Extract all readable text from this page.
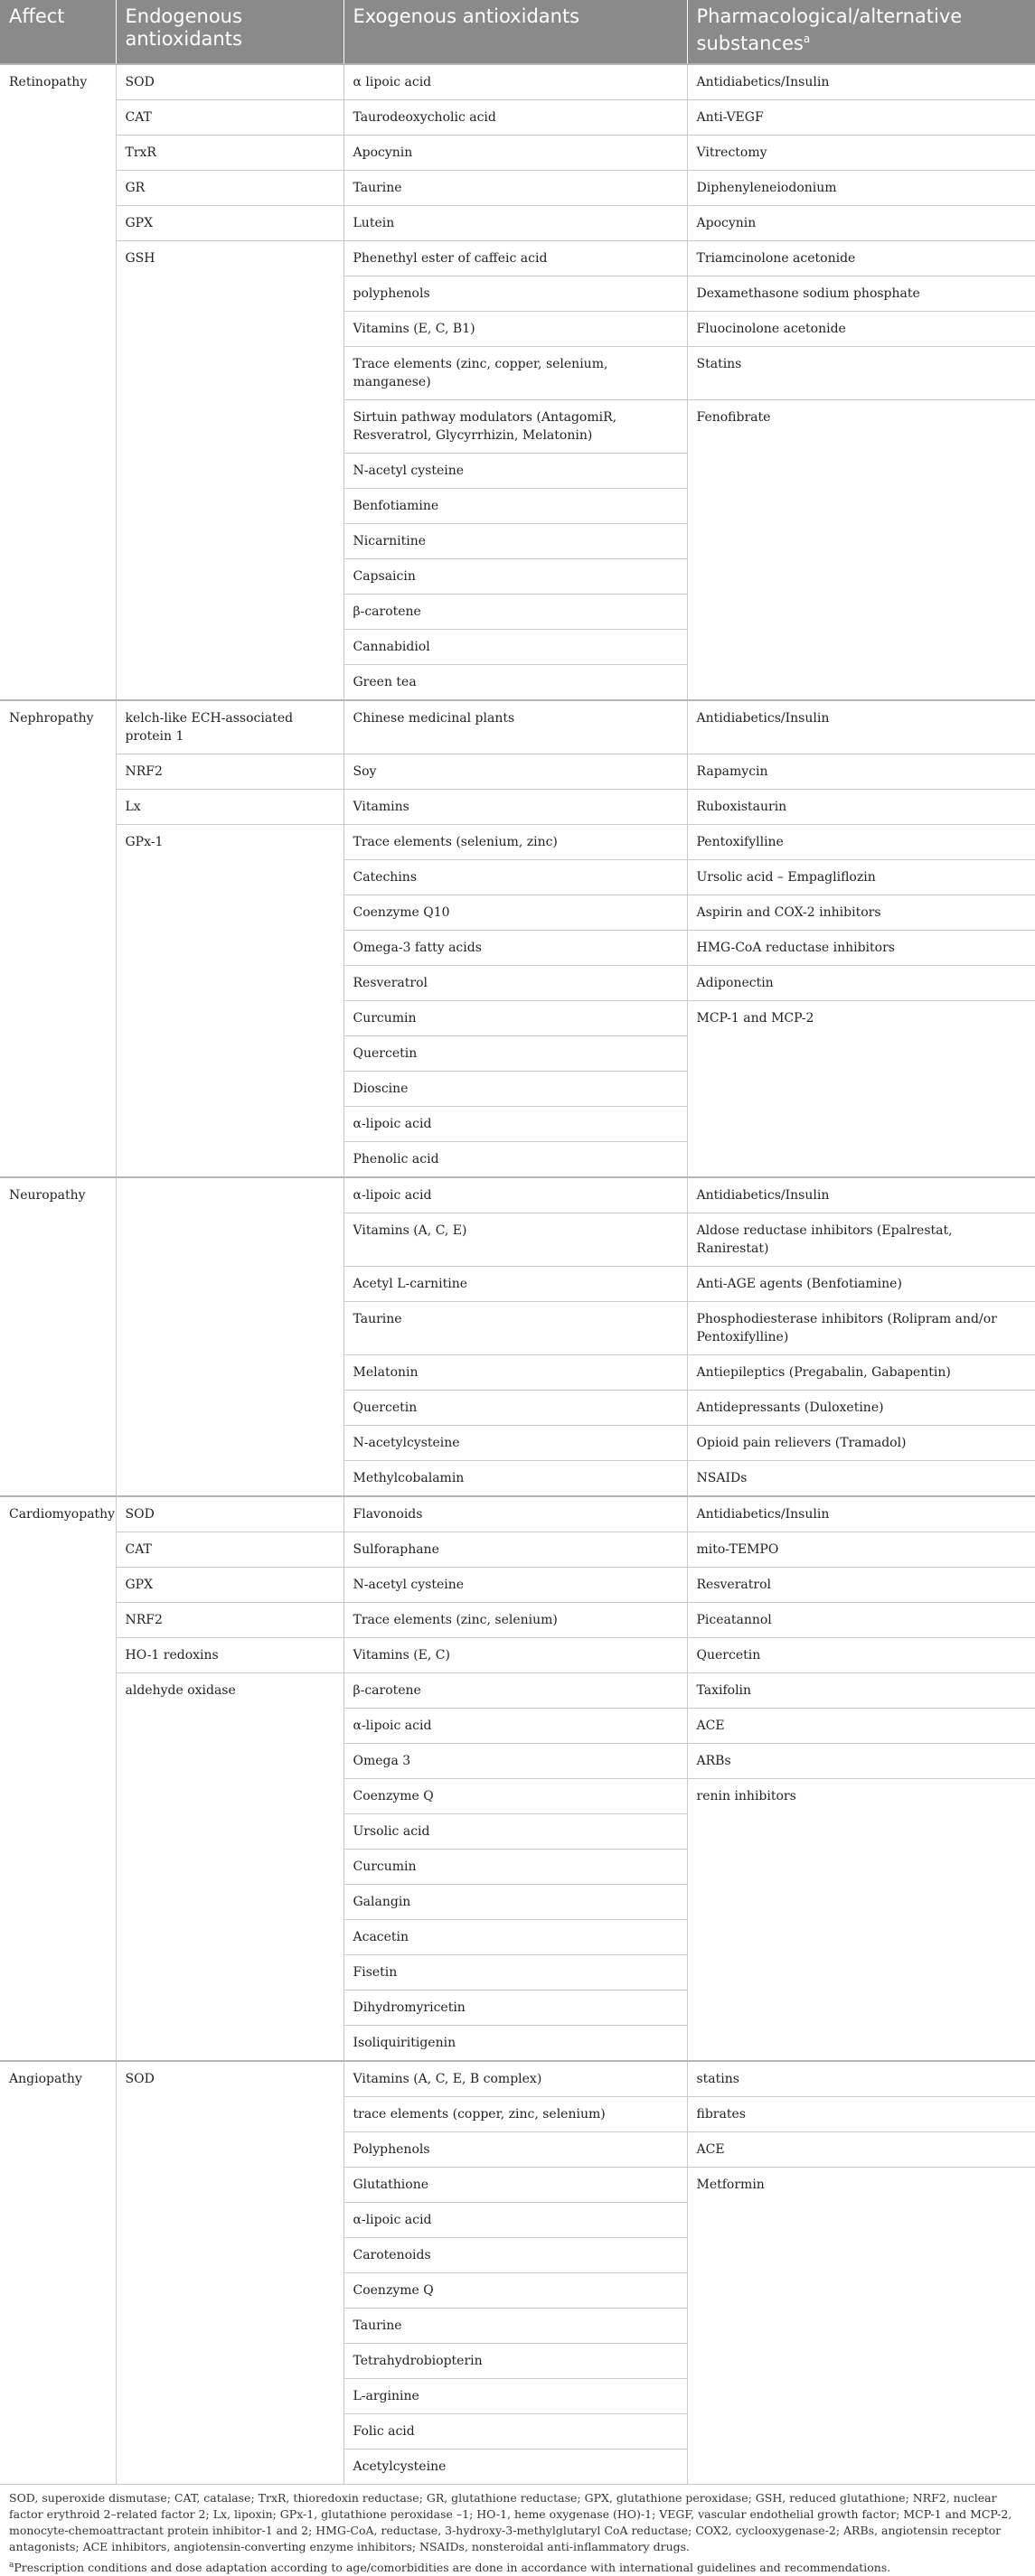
Affect	Endogenous antioxidants	Exogenous antioxidants	Pharmacological/alternative substances$^a$
Retinopathy	SOD	α lipoic acid	Antidiabetics/Insulin
	CAT	Taurodeoxycholic acid	Anti-VEGF
	TrxR	Apocynin	Vitrectomy
	GR	Taurine	Diphenyleneiodonium
	GPX	Lutein	Apocynin
	GSH	Phenethyl ester of caffeic acid	Triamcinolone acetonide
		polyphenols	Dexamethasone sodium phosphate
		Vitamins (E, C, B1)	Fluocinolone acetonide
		Trace elements (zinc, copper, selenium, manganese)	Statins
		Sirtuin pathway modulators (AntagomiR, Resveratrol, Glycyrrhizin, Melatonin)	Fenofibrate
		N-acetyl cysteine	
		Benfotiamine	
		Nicarnitine	
		Capsaicin	
		β-carotene	
		Cannabidiol	
		Green tea	
Nephropathy	kelch-like ECH-associated protein 1	Chinese medicinal plants	Antidiabetics/Insulin
	NRF2	Soy	Rapamycin
	Lx	Vitamins	Ruboxistaurin
	GPx-1	Trace elements (selenium, zinc)	Pentoxifylline
		Catechins	Ursolic acid – Empagliflozin
		Coenzyme Q10	Aspirin and COX-2 inhibitors
		Omega-3 fatty acids	HMG-CoA reductase inhibitors
		Resveratrol	Adiponectin
		Curcumin	MCP-1 and MCP-2
		Quercetin	
		Dioscine	
		α-lipoic acid	
		Phenolic acid	
Neuropathy		α-lipoic acid	Antidiabetics/Insulin
		Vitamins (A, C, E)	Aldose reductase inhibitors (Epalrestat, Ranirestat)
		Acetyl L-carnitine	Anti-AGE agents (Benfotiamine)
		Taurine	Phosphodiesterase inhibitors (Rolipram and/or Pentoxifylline)
		Melatonin	Antiepileptics (Pregabalin, Gabapentin)
		Quercetin	Antidepressants (Duloxetine)
		N-acetylcysteine	Opioid pain relievers (Tramadol)
		Methylcobalamin	NSAIDs
Cardiomyopathy	SOD	Flavonoids	Antidiabetics/Insulin
	CAT	Sulforaphane	mito-TEMPO
	GPX	N-acetyl cysteine	Resveratrol
	NRF2	Trace elements (zinc, selenium)	Piceatannol
	HO-1 redoxins	Vitamins (E, C)	Quercetin
	aldehyde oxidase	β-carotene	Taxifolin
		α-lipoic acid	ACE
		Omega 3	ARBs
		Coenzyme Q	renin inhibitors
		Ursolic acid	
		Curcumin	
		Galangin	
		Acacetin	
		Fisetin	
		Dihydromyricetin	
		Isoliquiritigenin	
Angiopathy	SOD	Vitamins (A, C, E, B complex)	statins
		trace elements (copper, zinc, selenium)	fibrates
		Polyphenols	ACE
		Glutathione	Metformin
		α-lipoic acid	
		Carotenoids	
		Coenzyme Q	
		Taurine	
		Tetrahydrobiopterin	
		L-arginine	
		Folic acid	
		Acetylcysteine	

SOD, superoxide dismutase; CAT, catalase; TrxR, thioredoxin reductase; GR, glutathione reductase; GPX, glutathione peroxidase; GSH, reduced glutathione; NRF2, nuclear factor erythroid 2–related factor 2; Lx, lipoxin; GPx-1, glutathione peroxidase –1; HO-1, heme oxygenase (HO)-1; VEGF, vascular endothelial growth factor; MCP-1 and MCP-2, monocyte-chemoattractant protein inhibitor-1 and 2; HMG-CoA, reductase, 3-hydroxy-3-methylglutaryl CoA reductase; COX2, cyclooxygenase-2; ARBs, angiotensin receptor antagonists; ACE inhibitors, angiotensin-converting enzyme inhibitors; NSAIDs, nonsteroidal anti-inflammatory drugs.

$^a$Prescription conditions and dose adaptation according to age/comorbidities are done in accordance with international guidelines and recommendations.
